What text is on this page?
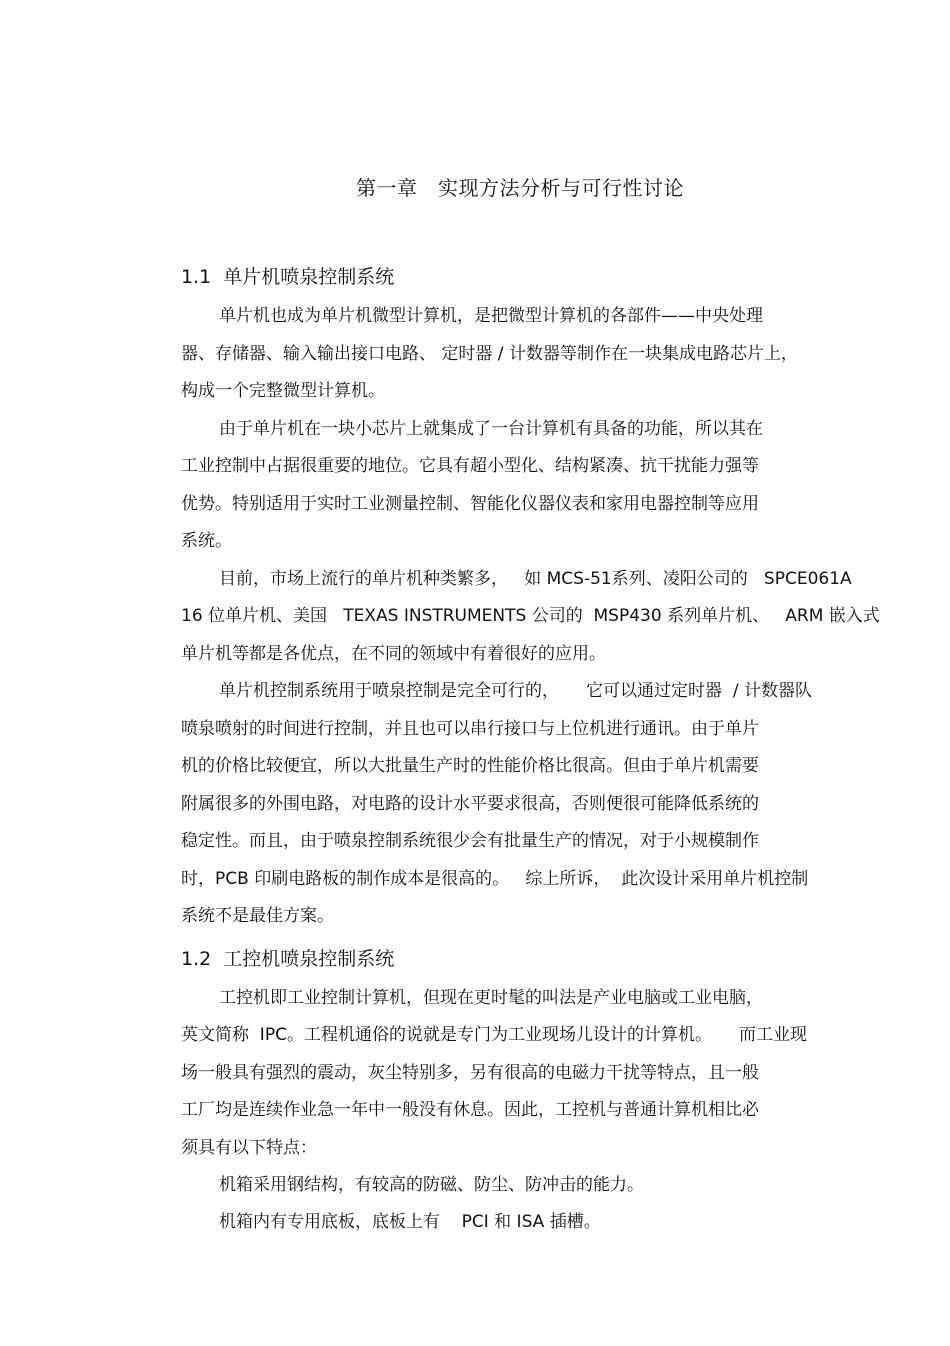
第一章   实现方法分析与可行性讨论
1.1  单片机喷泉控制系统
单片机也成为单片机微型计算机，是把微型计算机的各部件——中央处理
器、存储器、输入输出接口电路、 定时器 / 计数器等制作在一块集成电路芯片上，
构成一个完整微型计算机。
由于单片机在一块小芯片上就集成了一台计算机有具备的功能，所以其在
工业控制中占据很重要的地位。它具有超小型化、结构紧凑、抗干扰能力强等
优势。特别适用于实时工业测量控制、智能化仪器仪表和家用电器控制等应用
系统。
目前，市场上流行的单片机种类繁多，   如 MCS-51系列、凌阳公司的   SPCE061A
16 位单片机、美国   TEXAS INSTRUMENTS 公司的  MSP430 系列单片机、   ARM 嵌入式
单片机等都是各优点，在不同的领域中有着很好的应用。
单片机控制系统用于喷泉控制是完全可行的，     它可以通过定时器  / 计数器队
喷泉喷射的时间进行控制，并且也可以串行接口与上位机进行通讯。由于单片
机的价格比较便宜，所以大批量生产时的性能价格比很高。但由于单片机需要
附属很多的外围电路，对电路的设计水平要求很高，否则便很可能降低系统的
稳定性。而且，由于喷泉控制系统很少会有批量生产的情况，对于小规模制作
时，PCB 印刷电路板的制作成本是很高的。   综上所诉，  此次设计采用单片机控制
系统不是最佳方案。
1.2  工控机喷泉控制系统
工控机即工业控制计算机，但现在更时髦的叫法是产业电脑或工业电脑，
英文简称  IPC。工程机通俗的说就是专门为工业现场儿设计的计算机。     而工业现
场一般具有强烈的震动，灰尘特别多，另有很高的电磁力干扰等特点，且一般
工厂均是连续作业急一年中一般没有休息。因此，工控机与普通计算机相比必
须具有以下特点：
机箱采用钢结构，有较高的防磁、防尘、防冲击的能力。
机箱内有专用底板，底板上有    PCI 和 ISA 插槽。
